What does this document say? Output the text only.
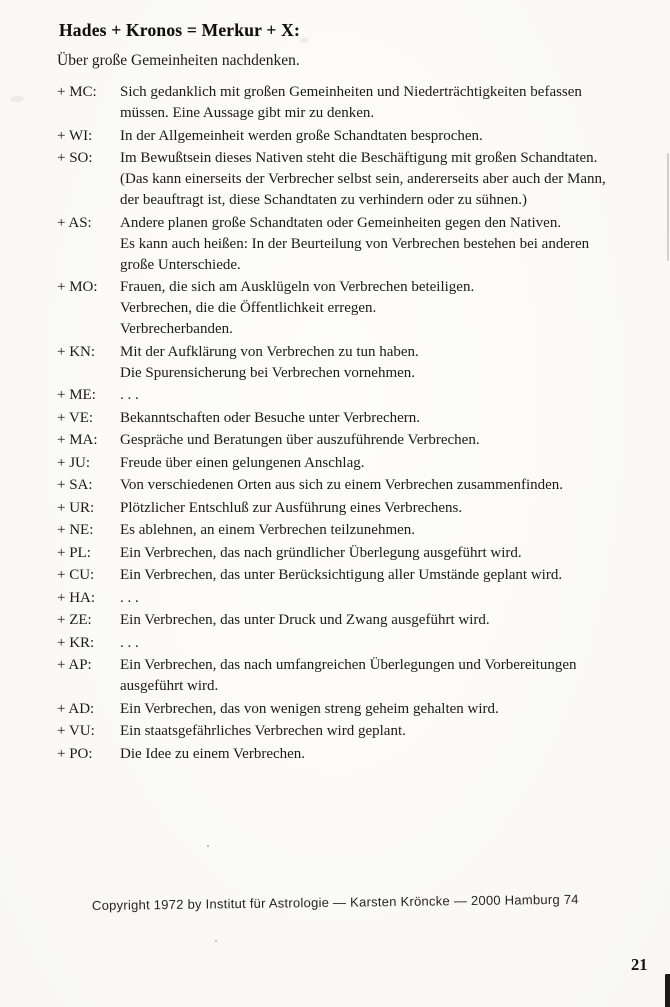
Hades + Kronos = Merkur + X:

Über große Gemeinheiten nachdenken.

+ MC:	Sich gedanklich mit großen Gemeinheiten und Niederträchtigkeiten befassen
müssen. Eine Aussage gibt mir zu denken.
+ WI:	In der Allgemeinheit werden große Schandtaten besprochen.
+ SO:	Im Bewußtsein dieses Nativen steht die Beschäftigung mit großen Schandtaten.
(Das kann einerseits der Verbrecher selbst sein, andererseits aber auch der Mann,
der beauftragt ist, diese Schandtaten zu verhindern oder zu sühnen.)
+ AS:	Andere planen große Schandtaten oder Gemeinheiten gegen den Nativen.
Es kann auch heißen: In der Beurteilung von Verbrechen bestehen bei anderen
große Unterschiede.
+ MO:	Frauen, die sich am Ausklügeln von Verbrechen beteiligen.
Verbrechen, die die Öffentlichkeit erregen.
Verbrecherbanden.
+ KN:	Mit der Aufklärung von Verbrechen zu tun haben.
Die Spurensicherung bei Verbrechen vornehmen.
+ ME:	. . .
+ VE:	Bekanntschaften oder Besuche unter Verbrechern.
+ MA:	Gespräche und Beratungen über auszuführende Verbrechen.
+ JU:	Freude über einen gelungenen Anschlag.
+ SA:	Von verschiedenen Orten aus sich zu einem Verbrechen zusammenfinden.
+ UR:	Plötzlicher Entschluß zur Ausführung eines Verbrechens.
+ NE:	Es ablehnen, an einem Verbrechen teilzunehmen.
+ PL:	Ein Verbrechen, das nach gründlicher Überlegung ausgeführt wird.
+ CU:	Ein Verbrechen, das unter Berücksichtigung aller Umstände geplant wird.
+ HA:	. . .
+ ZE:	Ein Verbrechen, das unter Druck und Zwang ausgeführt wird.
+ KR:	. . .
+ AP:	Ein Verbrechen, das nach umfangreichen Überlegungen und Vorbereitungen
ausgeführt wird.
+ AD:	Ein Verbrechen, das von wenigen streng geheim gehalten wird.
+ VU:	Ein staatsgefährliches Verbrechen wird geplant.
+ PO:	Die Idee zu einem Verbrechen.
Copyright 1972 by Institut für Astrologie — Karsten Kröncke — 2000 Hamburg 74
21
